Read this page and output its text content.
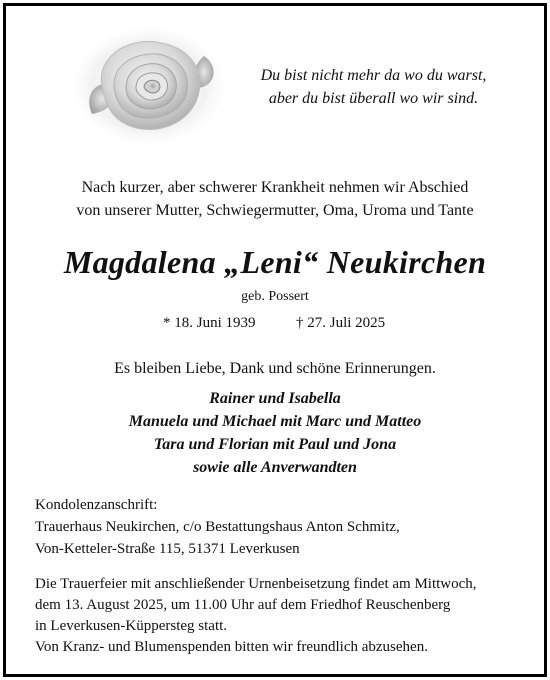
Du bist nicht mehr da wo du warst,
aber du bist überall wo wir sind.
Nach kurzer, aber schwerer Krankheit nehmen wir Abschied
von unserer Mutter, Schwiegermutter, Oma, Uroma und Tante
Magdalena „Leni“ Neukirchen
geb. Possert
* 18. Juni 1939	† 27. Juli 2025
Es bleiben Liebe, Dank und schöne Erinnerungen.
Rainer und Isabella
Manuela und Michael mit Marc und Matteo
Tara und Florian mit Paul und Jona
sowie alle Anverwandten
Kondolenzanschrift:
Trauerhaus Neukirchen, c/o Bestattungshaus Anton Schmitz,
Von-Ketteler-Straße 115, 51371 Leverkusen
Die Trauerfeier mit anschließender Urnenbeisetzung findet am Mittwoch,
dem 13. August 2025, um 11.00 Uhr auf dem Friedhof Reuschenberg
in Leverkusen-Küppersteg statt.
Von Kranz- und Blumenspenden bitten wir freundlich abzusehen.
